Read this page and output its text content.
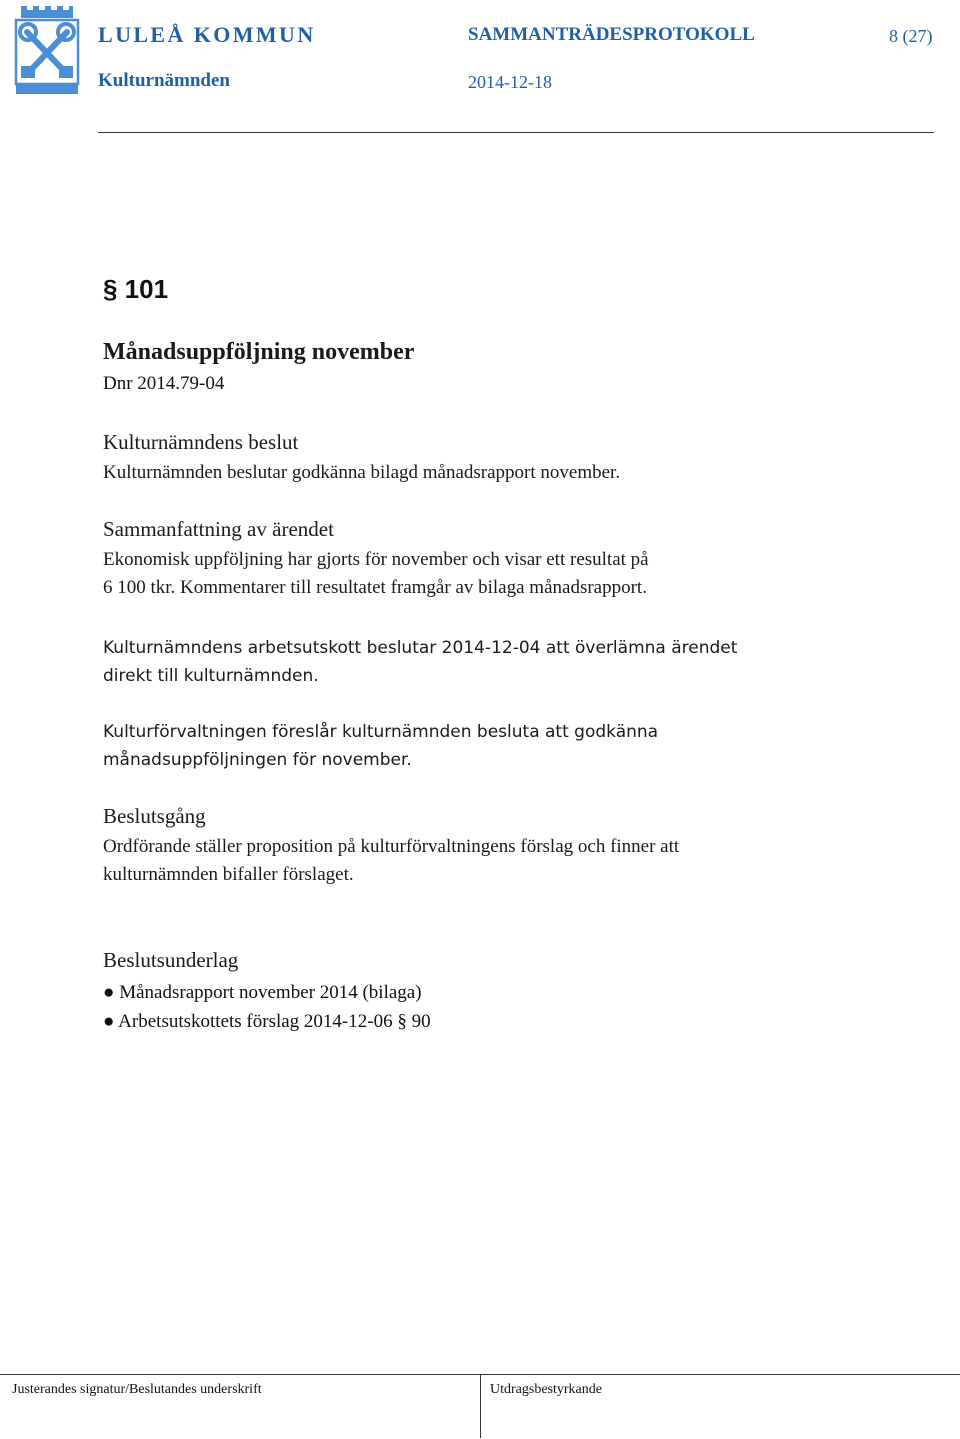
LULEÅ KOMMUN
Kulturnämnden
SAMMANTRÄDESPROTOKOLL
2014-12-18
8 (27)
§ 101
Månadsuppföljning november
Dnr 2014.79-04
Kulturnämndens beslut
Kulturnämnden beslutar godkänna bilagd månadsrapport november.
Sammanfattning av ärendet
Ekonomisk uppföljning har gjorts för november och visar ett resultat på
6 100 tkr. Kommentarer till resultatet framgår av bilaga månadsrapport.
Kulturnämndens arbetsutskott beslutar 2014-12-04 att överlämna ärendet
direkt till kulturnämnden.
Kulturförvaltningen föreslår kulturnämnden besluta att godkänna
månadsuppföljningen för november.
Beslutsgång
Ordförande ställer proposition på kulturförvaltningens förslag och finner att
kulturnämnden bifaller förslaget.
Beslutsunderlag
● Månadsrapport november 2014 (bilaga)
● Arbetsutskottets förslag 2014-12-06 § 90
Justerandes signatur/Beslutandes underskrift	Utdragsbestyrkande
